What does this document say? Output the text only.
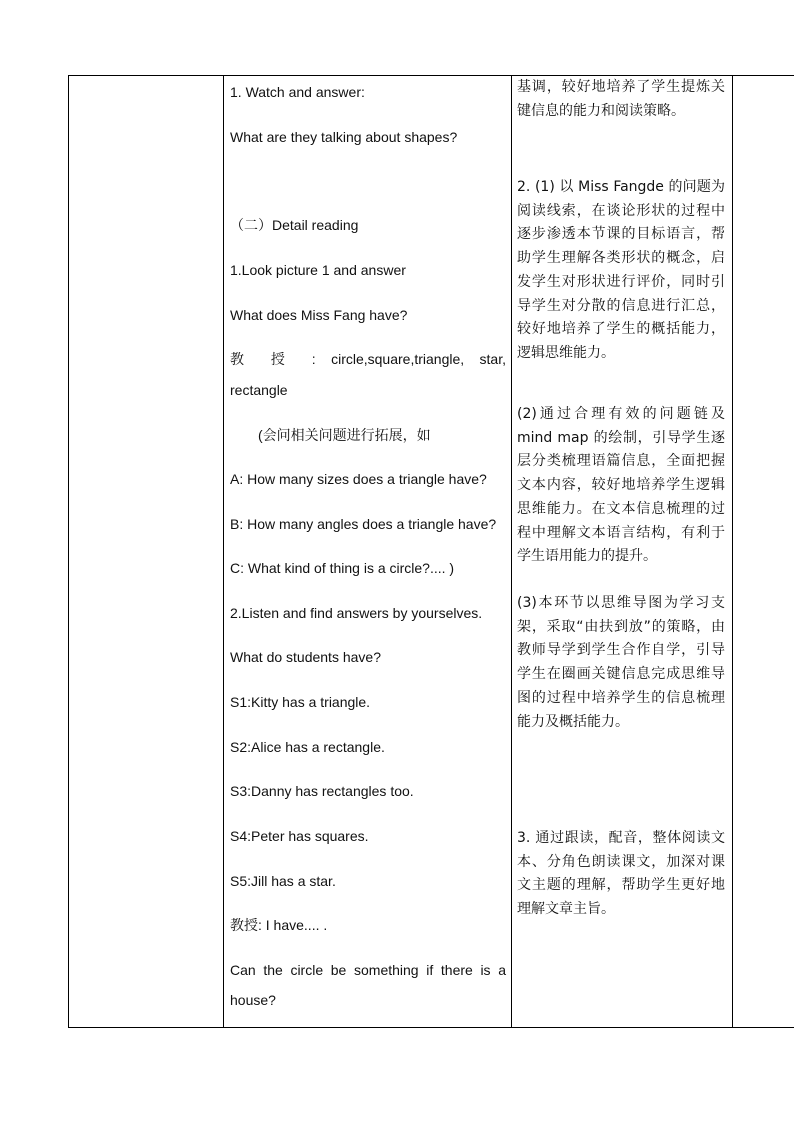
1. Watch and answer:
What are they talking about shapes?
（二）Detail reading
1.Look picture 1 and answer
What does Miss Fang have?
教 授 : circle,square,triangle, star,
rectangle
(会问相关问题进行拓展，如
A: How many sizes does a triangle have?
B: How many angles does a triangle have?
C: What kind of thing is a circle?.... )
2.Listen and find answers by yourselves.
What do students have?
S1:Kitty has a triangle.
S2:Alice has a rectangle.
S3:Danny has rectangles too.
S4:Peter has squares.
S5:Jill has a star.
教授: I have.... .
Can the circle be something if there is a
house?
基调，较好地培养了学生提炼关键信息的能力和阅读策略。
2. (1) 以 Miss Fangde 的问题为阅读线索，在谈论形状的过程中逐步渗透本节课的目标语言，帮助学生理解各类形状的概念，启发学生对形状进行评价，同时引导学生对分散的信息进行汇总，较好地培养了学生的概括能力，逻辑思维能力。
(2)通过合理有效的问题链及 mind map 的绘制，引导学生逐层分类梳理语篇信息，全面把握文本内容，较好地培养学生逻辑思维能力。在文本信息梳理的过程中理解文本语言结构，有利于学生语用能力的提升。
(3)本环节以思维导图为学习支架，采取“由扶到放”的策略，由教师导学到学生合作自学，引导学生在圈画关键信息完成思维导图的过程中培养学生的信息梳理能力及概括能力。
3. 通过跟读，配音，整体阅读文本、分角色朗读课文，加深对课文主题的理解，帮助学生更好地理解文章主旨。
